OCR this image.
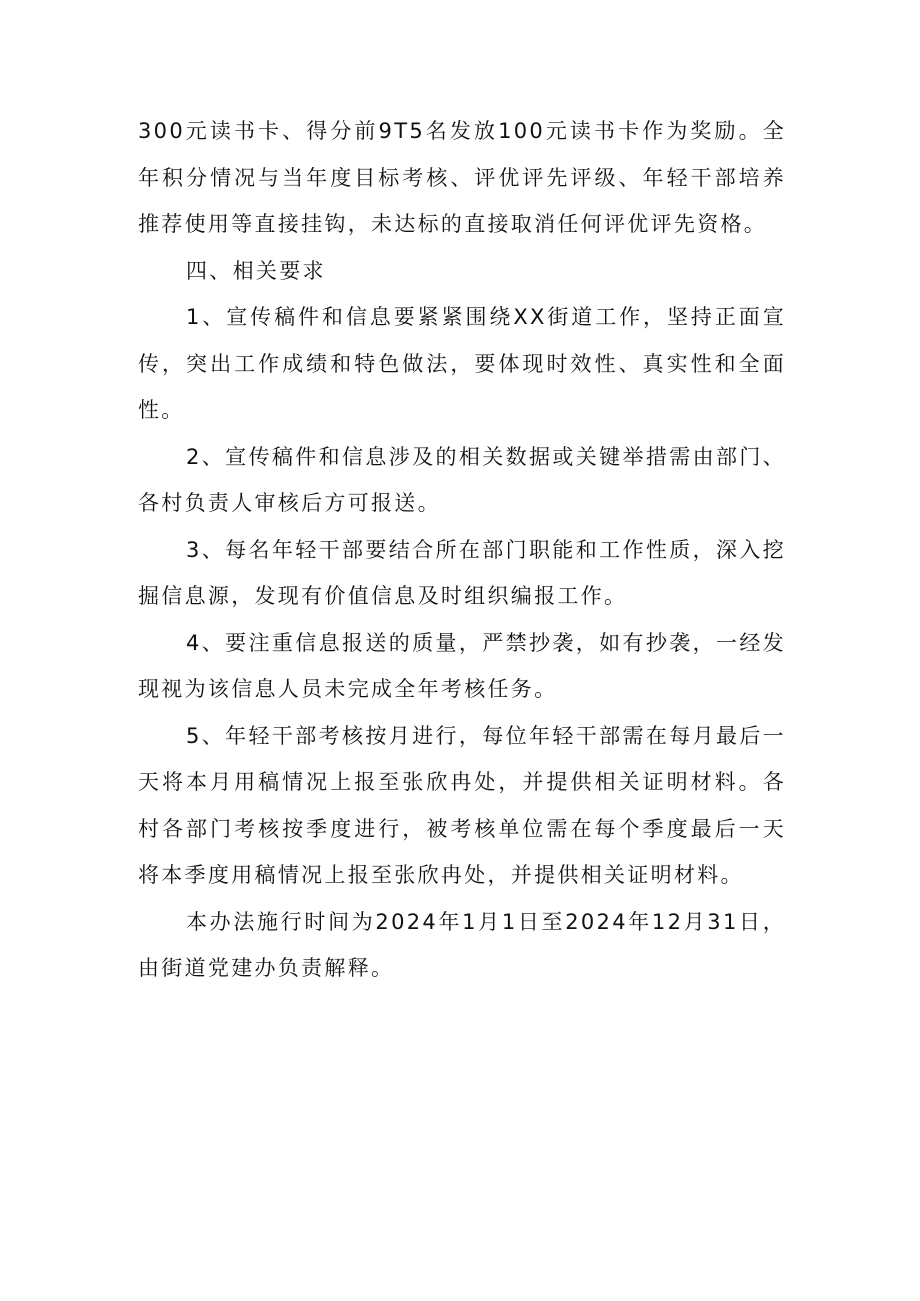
300元读书卡、得分前9T5名发放100元读书卡作为奖励。全年积分情况与当年度目标考核、评优评先评级、年轻干部培养推荐使用等直接挂钩，未达标的直接取消任何评优评先资格。

四、相关要求

1、宣传稿件和信息要紧紧围绕XX街道工作，坚持正面宣传，突出工作成绩和特色做法，要体现时效性、真实性和全面性。

2、宣传稿件和信息涉及的相关数据或关键举措需由部门、各村负责人审核后方可报送。

3、每名年轻干部要结合所在部门职能和工作性质，深入挖掘信息源，发现有价值信息及时组织编报工作。

4、要注重信息报送的质量，严禁抄袭，如有抄袭，一经发现视为该信息人员未完成全年考核任务。

5、年轻干部考核按月进行，每位年轻干部需在每月最后一天将本月用稿情况上报至张欣冉处，并提供相关证明材料。各村各部门考核按季度进行，被考核单位需在每个季度最后一天将本季度用稿情况上报至张欣冉处，并提供相关证明材料。

本办法施行时间为2024年1月1日至2024年12月31日，由街道党建办负责解释。
